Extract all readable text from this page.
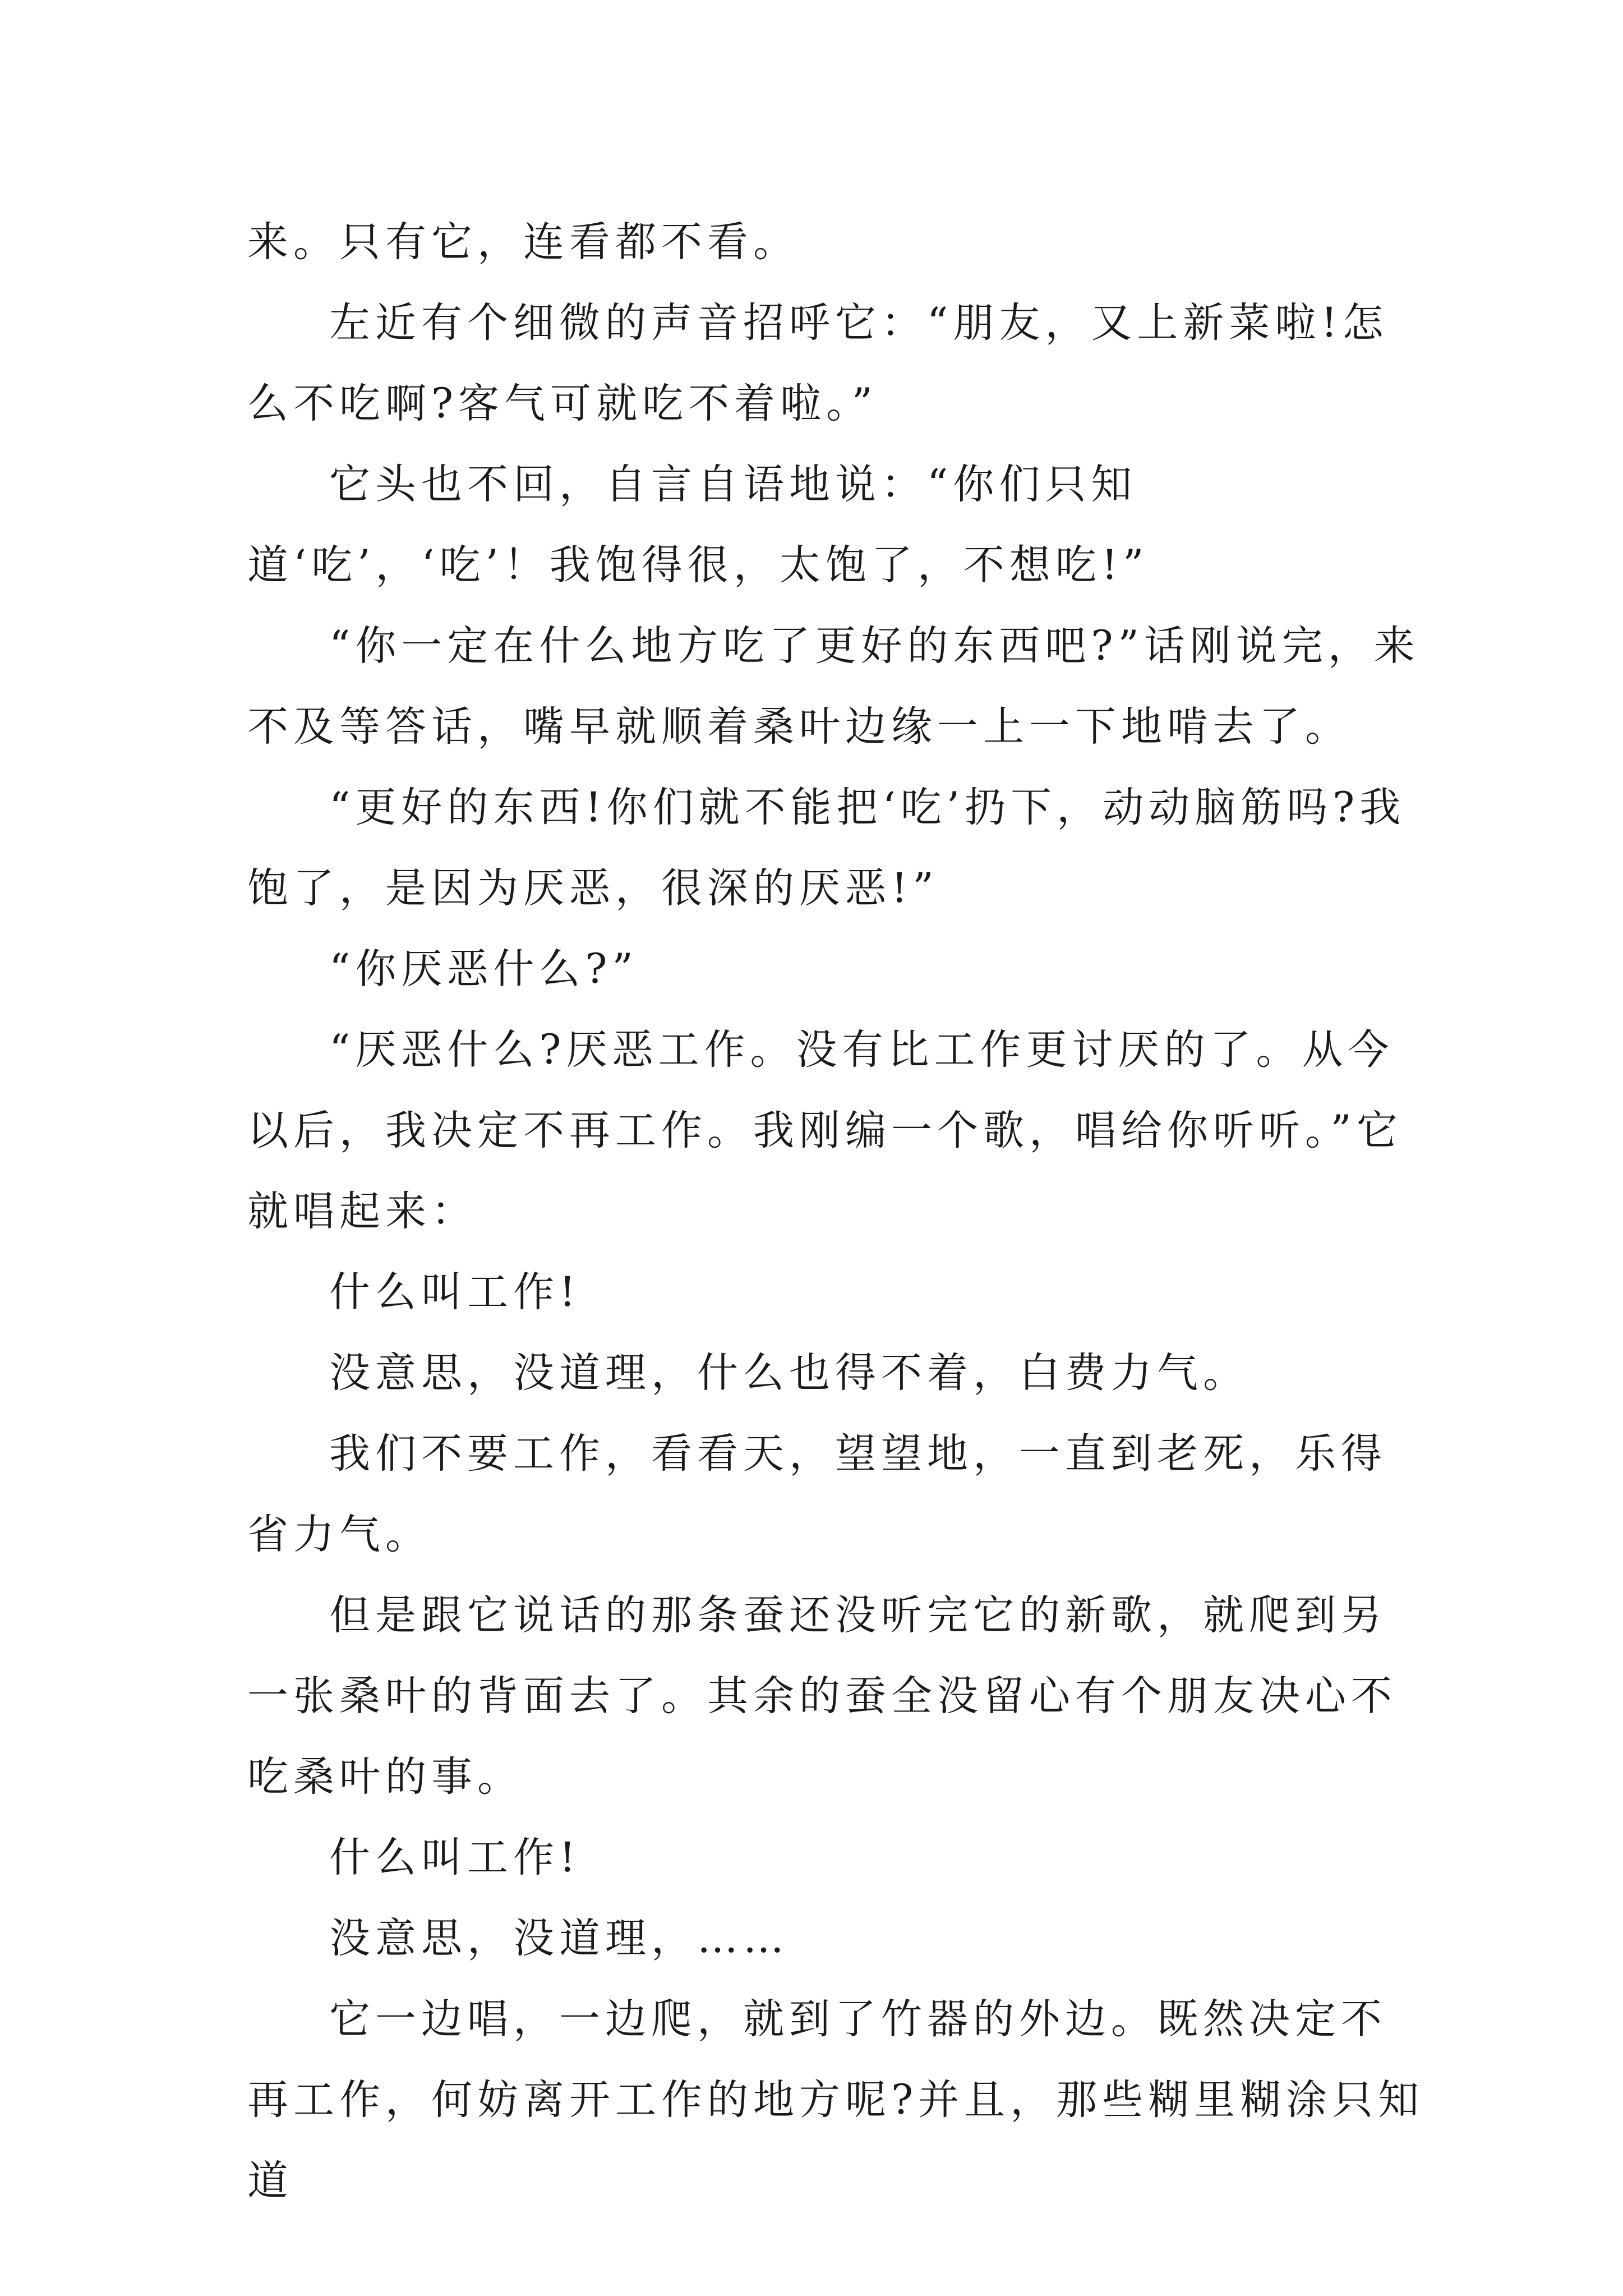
来。只有它，连看都不看。

左近有个细微的声音招呼它：“朋友，又上新菜啦!怎么不吃啊?客气可就吃不着啦。”

它头也不回，自言自语地说：“你们只知道‘吃’，‘吃’！我饱得很，太饱了，不想吃!”

“你一定在什么地方吃了更好的东西吧?”话刚说完，来不及等答话，嘴早就顺着桑叶边缘一上一下地啃去了。

“更好的东西!你们就不能把‘吃’扔下，动动脑筋吗?我饱了，是因为厌恶，很深的厌恶!”

“你厌恶什么?”

“厌恶什么?厌恶工作。没有比工作更讨厌的了。从今以后，我决定不再工作。我刚编一个歌，唱给你听听。”它就唱起来：

什么叫工作!

没意思，没道理，什么也得不着，白费力气。

我们不要工作，看看天，望望地，一直到老死，乐得省力气。

但是跟它说话的那条蚕还没听完它的新歌，就爬到另一张桑叶的背面去了。其余的蚕全没留心有个朋友决心不吃桑叶的事。

什么叫工作!

没意思，没道理，……

它一边唱，一边爬，就到了竹器的外边。既然决定不再工作，何妨离开工作的地方呢?并且，那些糊里糊涂只知道
